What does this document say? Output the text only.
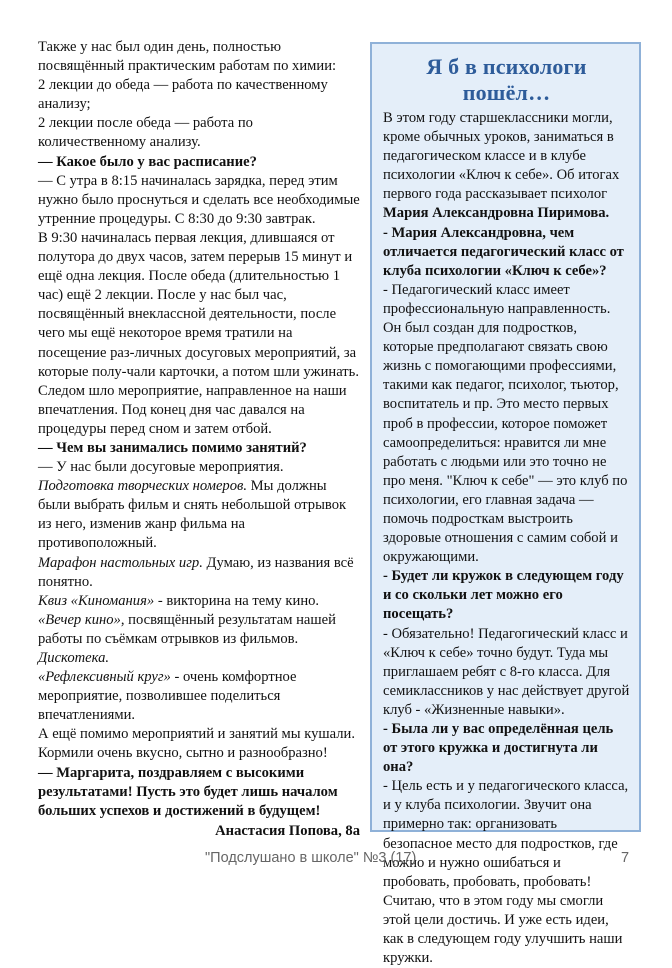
Также у нас был один день, полностью посвящённый практическим работам по химии:
2 лекции до обеда — работа по качественному анализу;
2 лекции после обеда — работа по количественному анализу.
— Какое было у вас расписание?
— С утра в 8:15 начиналась зарядка, перед этим нужно было проснуться и сделать все необходимые утренние процедуры. С 8:30 до 9:30 завтрак.
В 9:30 начиналась первая лекция, длившаяся от полутора до двух часов, затем перерыв 15 минут и ещё одна лекция. После обеда (длительностью 1 час) ещё 2 лекции. После у нас был час, посвящённый внеклассной деятельности, после чего мы ещё некоторое время тратили на посещение раз-личных досуговых мероприятий, за которые полу-чали карточки, а потом шли ужинать.
Следом шло мероприятие, направленное на наши впечатления. Под конец дня час давался на процедуры перед сном и затем отбой.
— Чем вы занимались помимо занятий?
— У нас были досуговые мероприятия.
Подготовка творческих номеров. Мы должны были выбрать фильм и снять небольшой отрывок из него, изменив жанр фильма на противоположный.
Марафон настольных игр. Думаю, из названия всё понятно.
Квиз «Киномания» - викторина на тему кино.
«Вечер кино», посвящённый результатам нашей работы по съёмкам отрывков из фильмов.
Дискотека.
«Рефлексивный круг» - очень комфортное мероприятие, позволившее поделиться впечатлениями.
А ещё помимо мероприятий и занятий мы кушали. Кормили очень вкусно, сытно и разнообразно!
— Маргарита, поздравляем с высокими результатами! Пусть это будет лишь началом больших успехов и достижений в будущем!
Анастасия Попова, 8а
Я б в психологи пошёл…
В этом году старшеклассники могли, кроме обычных уроков, заниматься в педагогическом классе и в клубе психологии «Ключ к себе». Об итогах первого года рассказывает психолог
Мария Александровна Пиримова.
- Мария Александровна, чем отличается педагогический класс от клуба психологии «Ключ к себе»?
- Педагогический класс имеет профессиональную направленность. Он был создан для подростков, которые предполагают связать свою жизнь с помогающими профессиями, такими как педагог, психолог, тьютор, воспитатель и пр. Это место первых проб в профессии, которое поможет самоопределиться: нравится ли мне работать с людьми или это точно не про меня. "Ключ к себе" — это клуб по психологии, его главная задача — помочь подросткам выстроить здоровые отношения с самим собой и окружающими.
- Будет ли кружок в следующем году и со скольки лет можно его посещать?
- Обязательно! Педагогический класс и «Ключ к себе» точно будут. Туда мы приглашаем ребят с 8-го класса. Для семиклассников у нас действует другой клуб - «Жизненные навыки».
- Была ли у вас определённая цель от этого кружка и достигнута ли она?
- Цель есть и у педагогического класса, и у клуба психологии. Звучит она примерно так: организовать безопасное место для подростков, где можно и нужно ошибаться и пробовать, пробовать, пробовать! Считаю, что в этом году мы смогли этой цели достичь. И уже есть идеи, как в следующем году улучшить наши кружки.
"Подслушано в школе" №3 (17)	7
